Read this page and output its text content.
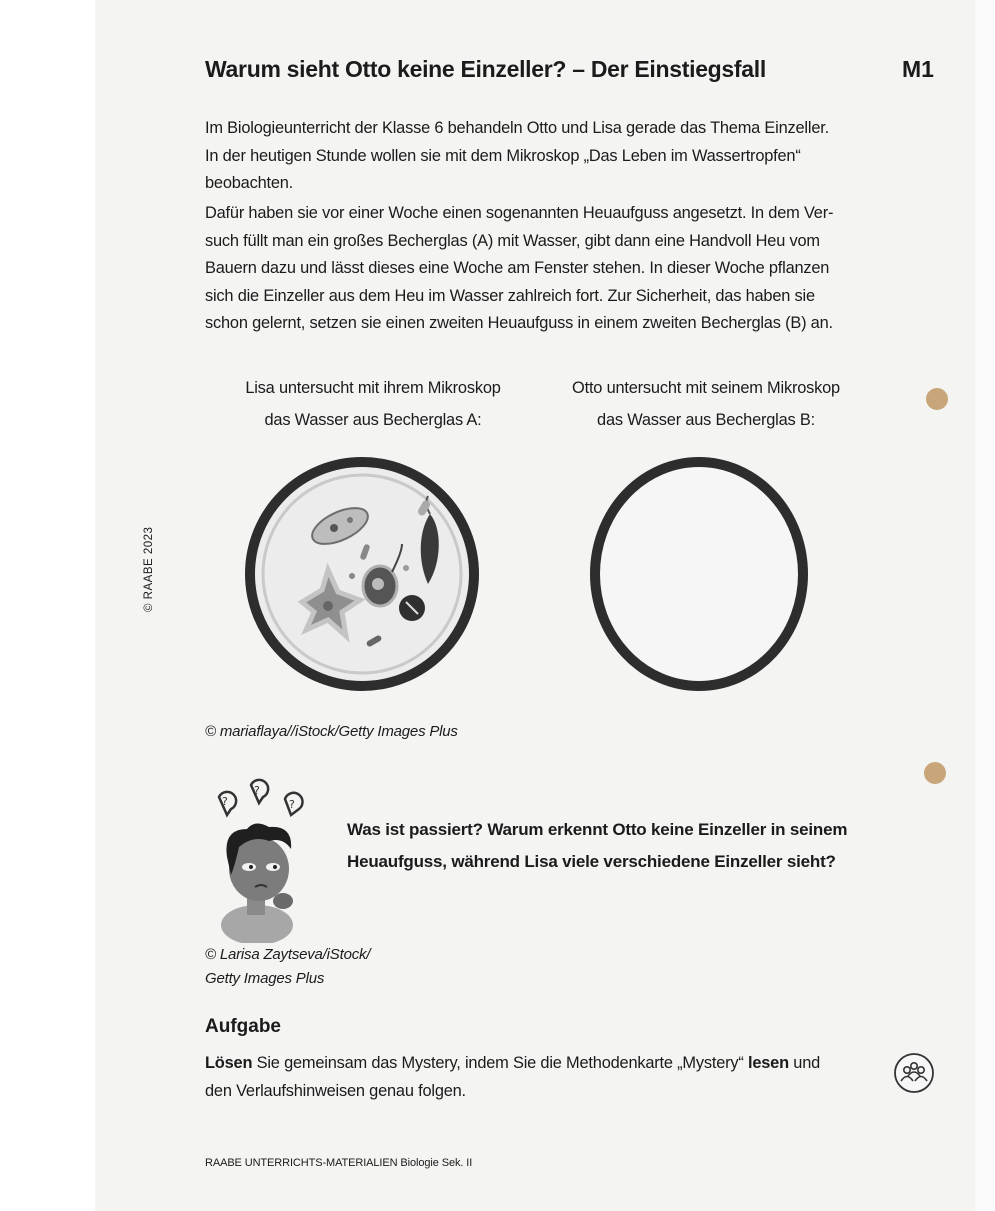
Warum sieht Otto keine Einzeller? – Der Einstiegsfall	M1

Im Biologieunterricht der Klasse 6 behandeln Otto und Lisa gerade das Thema Einzeller.

In der heutigen Stunde wollen sie mit dem Mikroskop „Das Leben im Wassertropfen“

beobachten.

Dafür haben sie vor einer Woche einen sogenannten Heuaufguss angesetzt. In dem Ver-

such füllt man ein großes Becherglas (A) mit Wasser, gibt dann eine Handvoll Heu vom

Bauern dazu und lässt dieses eine Woche am Fenster stehen. In dieser Woche pflanzen

sich die Einzeller aus dem Heu im Wasser zahlreich fort. Zur Sicherheit, das haben sie

schon gelernt, setzen sie einen zweiten Heuaufguss in einem zweiten Becherglas (B) an.

Lisa untersucht mit ihrem Mikroskop
das Wasser aus Becherglas A:
Otto untersucht mit seinem Mikroskop
das Wasser aus Becherglas B:
© RAABE 2023
© mariaflaya//iStock/Getty Images Plus
?
?
?

Was ist passiert? Warum erkennt Otto keine Einzeller in seinem

Heuaufguss, während Lisa viele verschiedene Einzeller sieht?

© Larisa Zaytseva/iStock/
Getty Images Plus
Aufgabe

Lösen Sie gemeinsam das Mystery, indem Sie die Methodenkarte „Mystery“ lesen und

den Verlaufshinweisen genau folgen.

RAABE UNTERRICHTS-MATERIALIEN Biologie Sek. II
